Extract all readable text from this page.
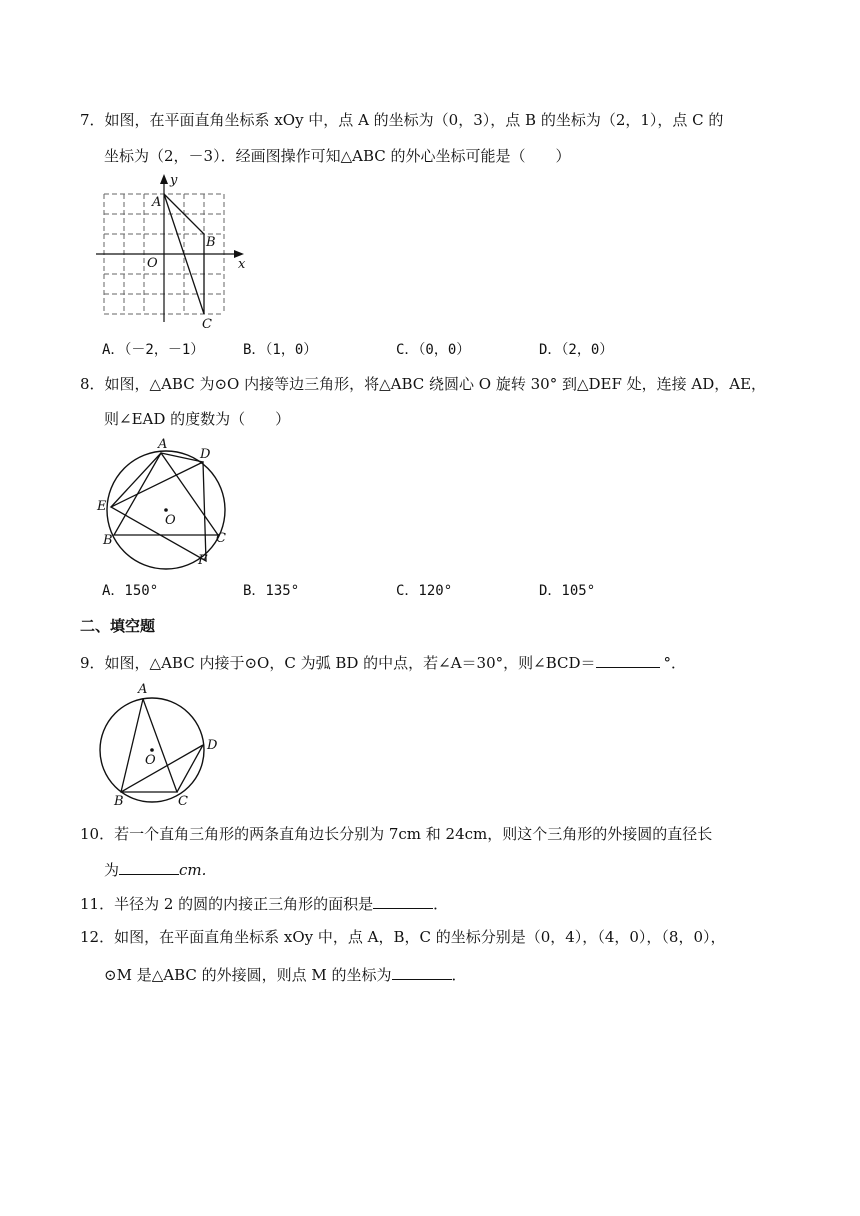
7．如图，在平面直角坐标系 xOy 中，点 A 的坐标为（0，3），点 B 的坐标为（2，1），点 C 的
坐标为（2，－3）．经画图操作可知△ABC 的外心坐标可能是（　　）
y
x
A
B
C
O
A．（－2，－1）	B．（1，0）	C．（0，0）	D．（2，0）
8．如图，△ABC 为⊙O 内接等边三角形，将△ABC 绕圆心 O 旋转 30° 到△DEF 处，连接 AD，AE，
则∠EAD 的度数为（　　）
A
D
E
B	C
F
O
A．150°	B．135°	C．120°	D．105°
二、填空题
9．如图，△ABC 内接于⊙O，C 为弧 BD 的中点，若∠A＝30°，则∠BCD＝	°．
A
D
O
B	C
10．若一个直角三角形的两条直角边长分别为 7cm 和 24cm，则这个三角形的外接圆的直径长
为	cm.
11．半径为 2 的圆的内接正三角形的面积是	．
12．如图，在平面直角坐标系 xOy 中，点 A，B，C 的坐标分别是（0，4），（4，0），（8，0），
⊙M 是△ABC 的外接圆，则点 M 的坐标为	．
